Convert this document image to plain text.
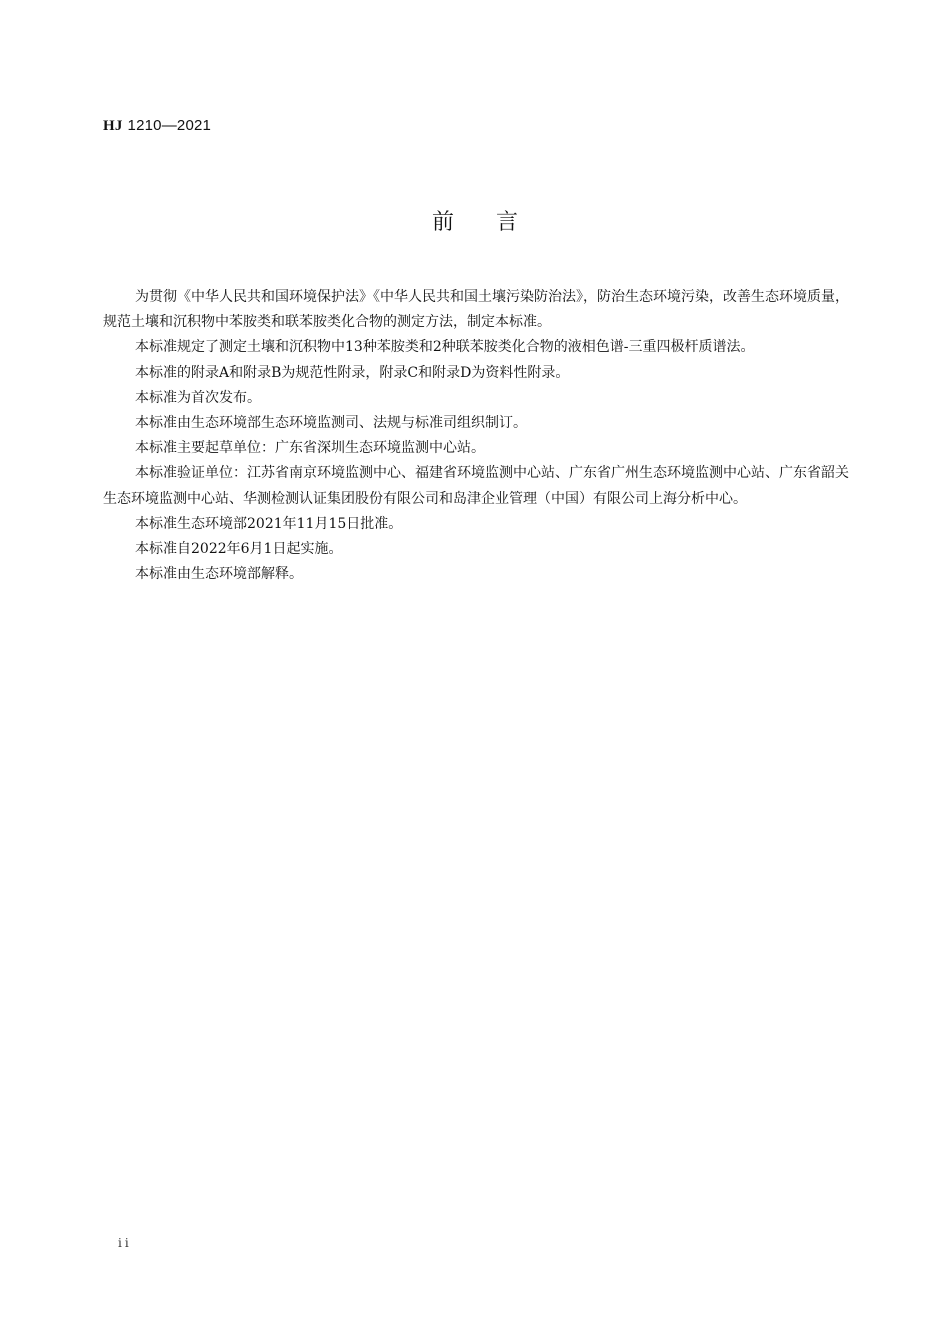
HJ 1210—2021
前言

为贯彻《中华人民共和国环境保护法》《中华人民共和国土壤污染防治法》，防治生态环境污染，改善生态环境质量，规范土壤和沉积物中苯胺类和联苯胺类化合物的测定方法，制定本标准。

本标准规定了测定土壤和沉积物中13种苯胺类和2种联苯胺类化合物的液相色谱-三重四极杆质谱法。

本标准的附录A和附录B为规范性附录，附录C和附录D为资料性附录。

本标准为首次发布。

本标准由生态环境部生态环境监测司、法规与标准司组织制订。

本标准主要起草单位：广东省深圳生态环境监测中心站。

本标准验证单位：江苏省南京环境监测中心、福建省环境监测中心站、广东省广州生态环境监测中心站、广东省韶关生态环境监测中心站、华测检测认证集团股份有限公司和岛津企业管理（中国）有限公司上海分析中心。

本标准生态环境部2021年11月15日批准。

本标准自2022年6月1日起实施。

本标准由生态环境部解释。

ii
